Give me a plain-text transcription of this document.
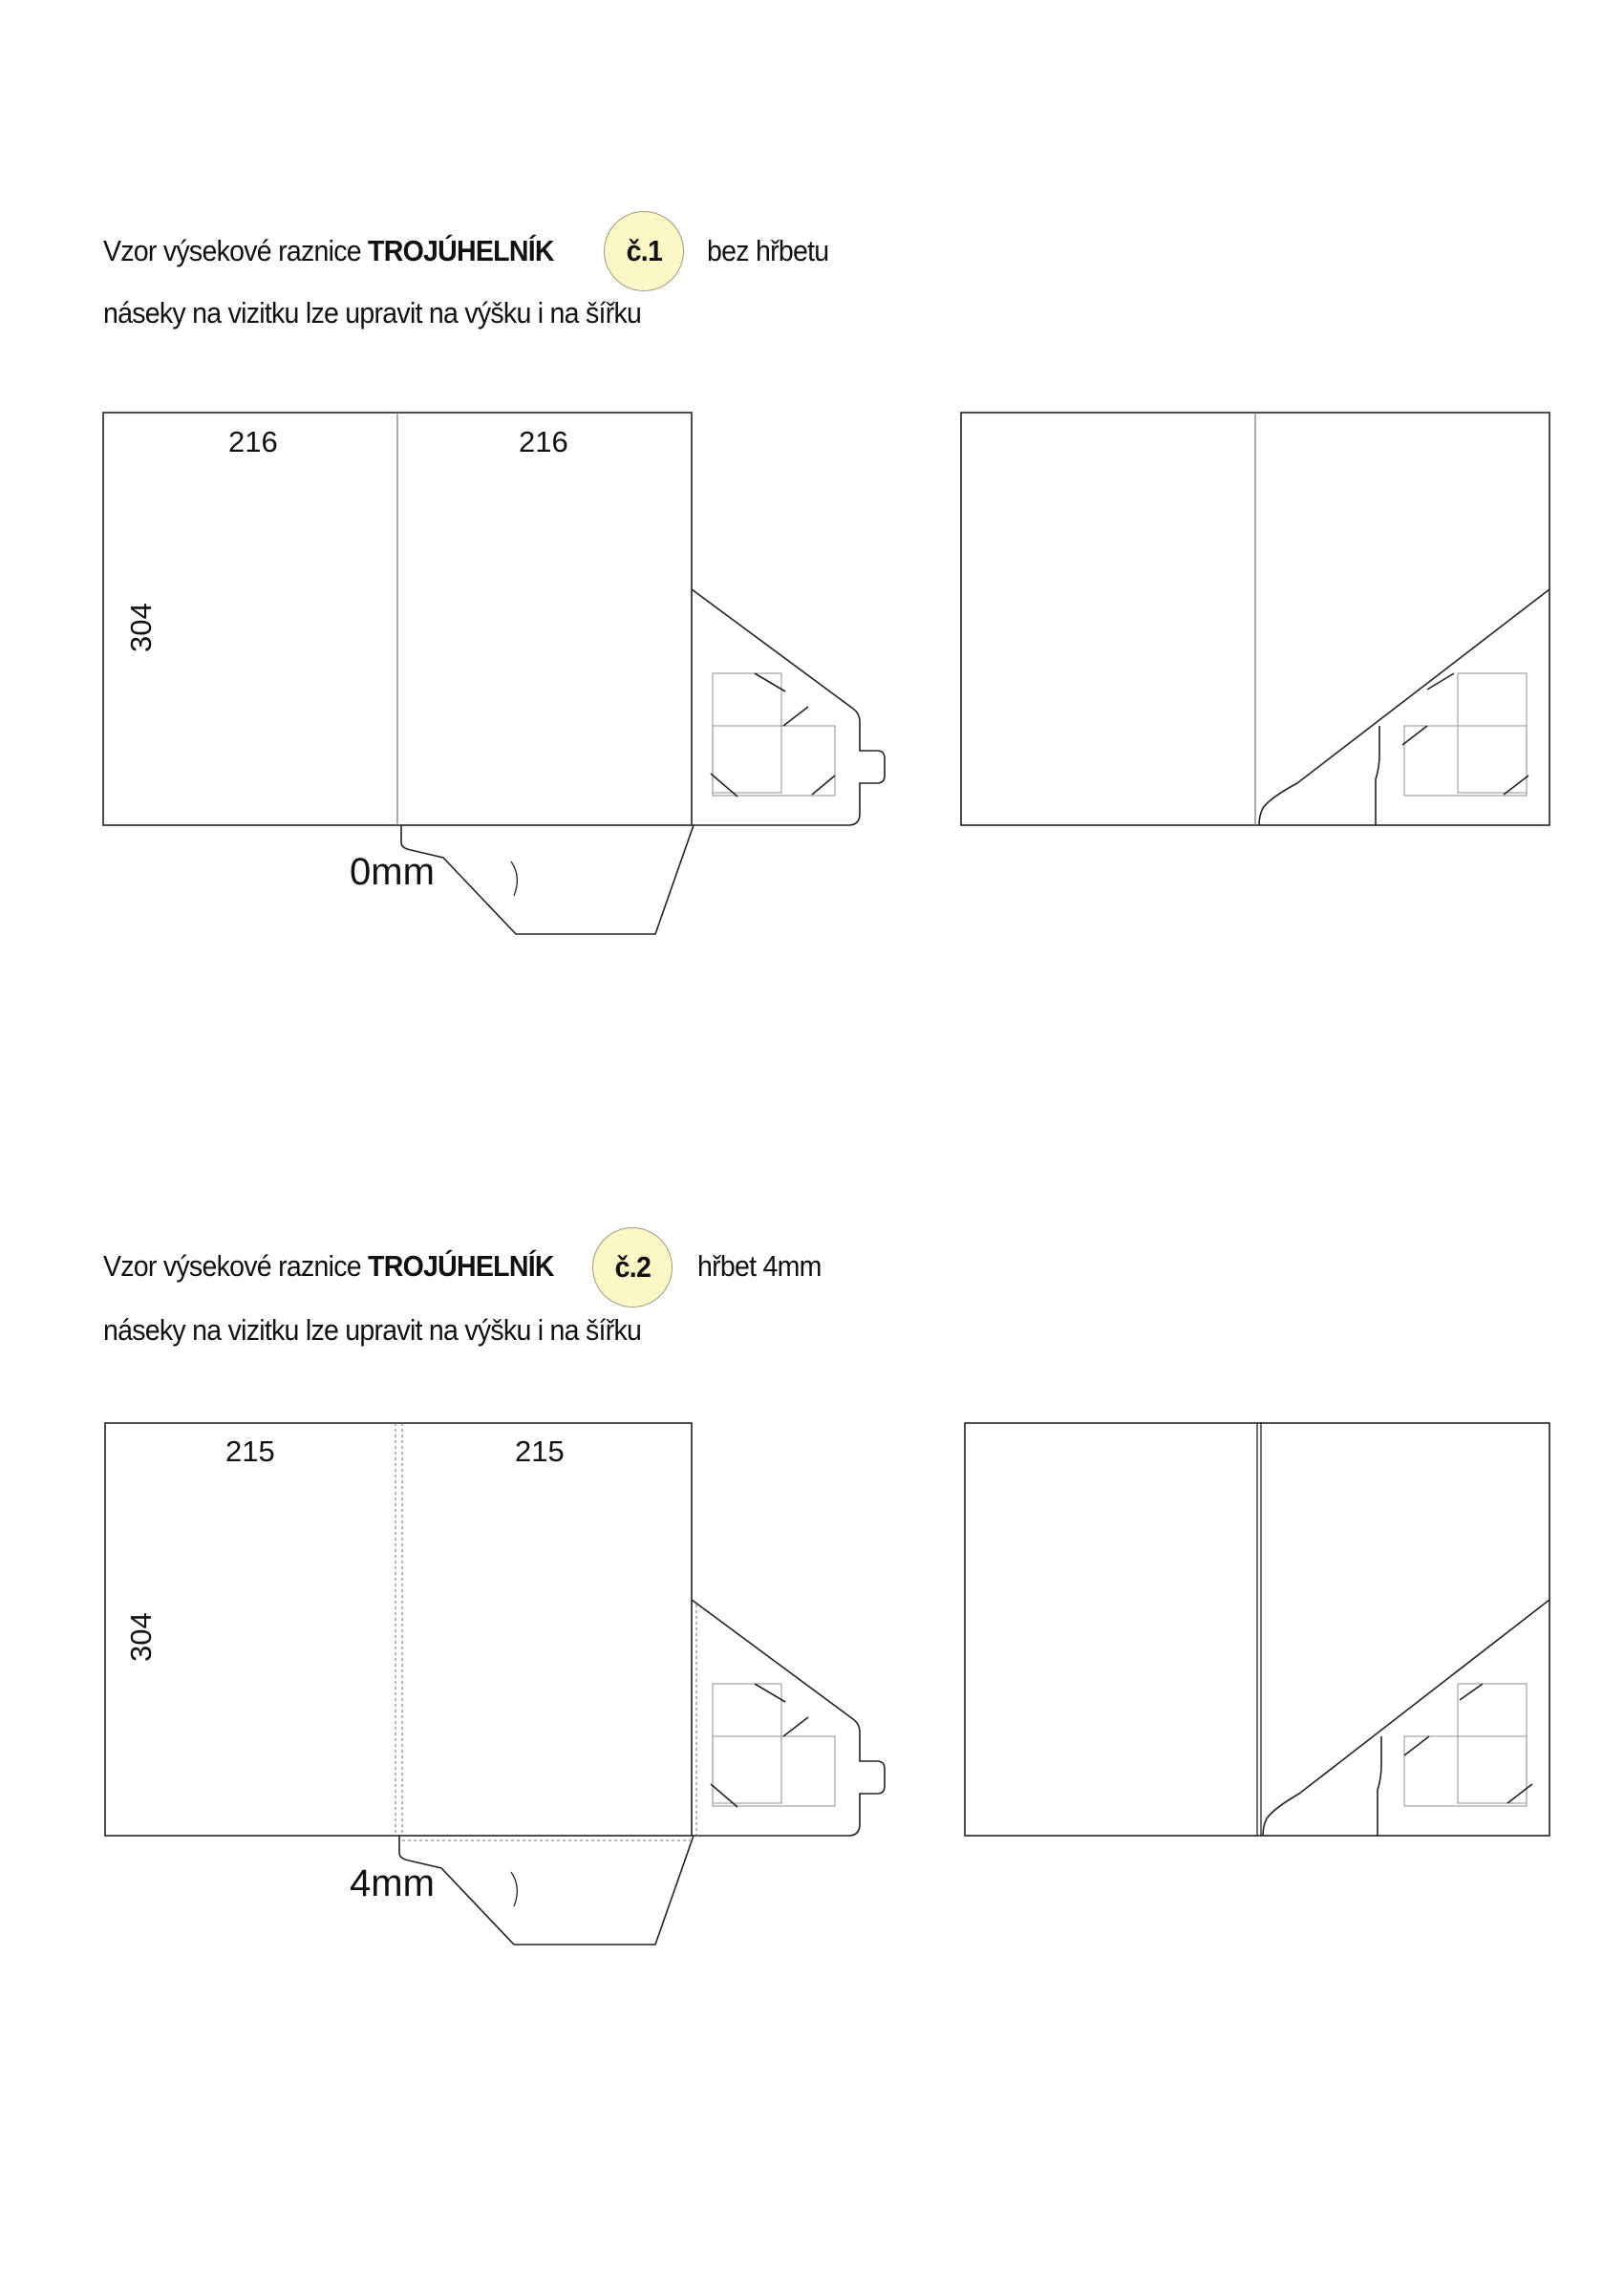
Vzor výsekové raznice TROJÚHELNÍK č.1 bez hřbetu
náseky na vizitku lze upravit na výšku i na šířku
Vzor výsekové raznice TROJÚHELNÍK č.2 hřbet 4mm
náseky na vizitku lze upravit na výšku i na šířku
216	216
304
0mm
215	215
304
4mm
